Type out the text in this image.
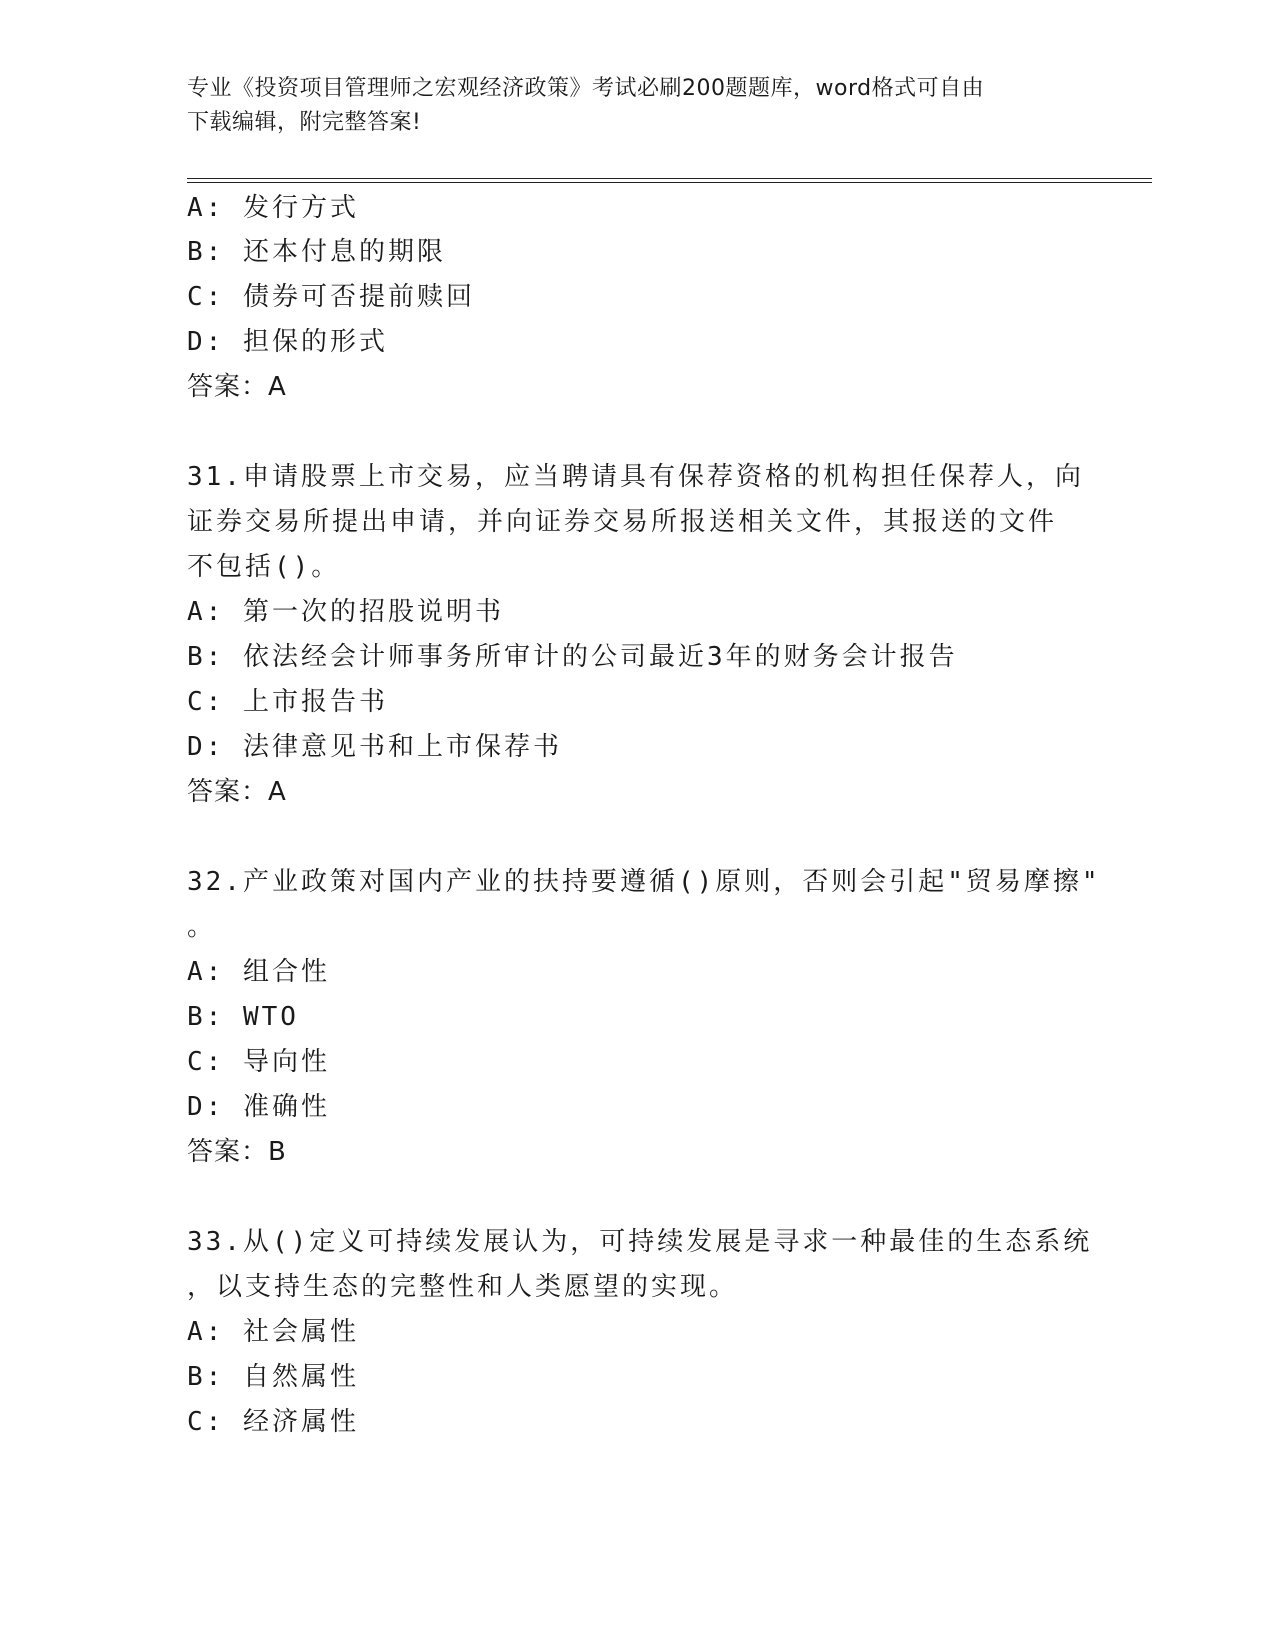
专业《投资项目管理师之宏观经济政策》考试必刷200题题库，word格式可自由
下载编辑，附完整答案!
A: 发行方式
B: 还本付息的期限
C: 债券可否提前赎回
D: 担保的形式
答案：A
31.申请股票上市交易，应当聘请具有保荐资格的机构担任保荐人，向
证券交易所提出申请，并向证券交易所报送相关文件，其报送的文件
不包括()。
A: 第一次的招股说明书
B: 依法经会计师事务所审计的公司最近3年的财务会计报告
C: 上市报告书
D: 法律意见书和上市保荐书
答案：A
32.产业政策对国内产业的扶持要遵循()原则，否则会引起"贸易摩擦"
。
A: 组合性
B: WTO
C: 导向性
D: 准确性
答案：B
33.从()定义可持续发展认为，可持续发展是寻求一种最佳的生态系统
，以支持生态的完整性和人类愿望的实现。
A: 社会属性
B: 自然属性
C: 经济属性
